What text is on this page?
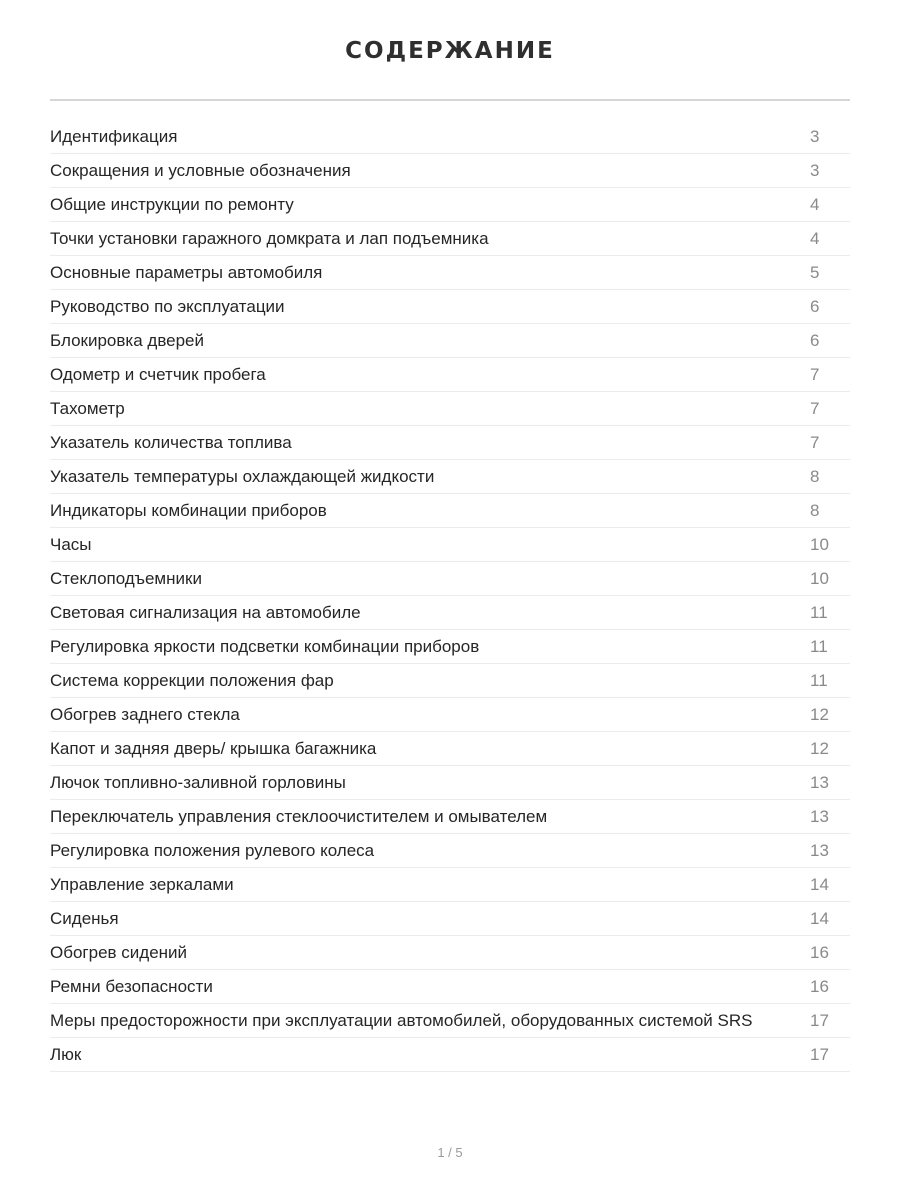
СОДЕРЖАНИЕ
Идентификация	3
Сокращения и условные обозначения	3
Общие инструкции по ремонту	4
Точки установки гаражного домкрата и лап подъемника	4
Основные параметры автомобиля	5
Руководство по эксплуатации	6
Блокировка дверей	6
Одометр и счетчик пробега	7
Тахометр	7
Указатель количества топлива	7
Указатель температуры охлаждающей жидкости	8
Индикаторы комбинации приборов	8
Часы	10
Стеклоподъемники	10
Световая сигнализация на автомобиле	11
Регулировка яркости подсветки комбинации приборов	11
Система коррекции положения фар	11
Обогрев заднего стекла	12
Капот и задняя дверь/ крышка багажника	12
Лючок топливно-заливной горловины	13
Переключатель управления стеклоочистителем и омывателем	13
Регулировка положения рулевого колеса	13
Управление зеркалами	14
Сиденья	14
Обогрев сидений	16
Ремни безопасности	16
Меры предосторожности при эксплуатации автомобилей, оборудованных системой SRS	17
Люк	17
1 / 5
